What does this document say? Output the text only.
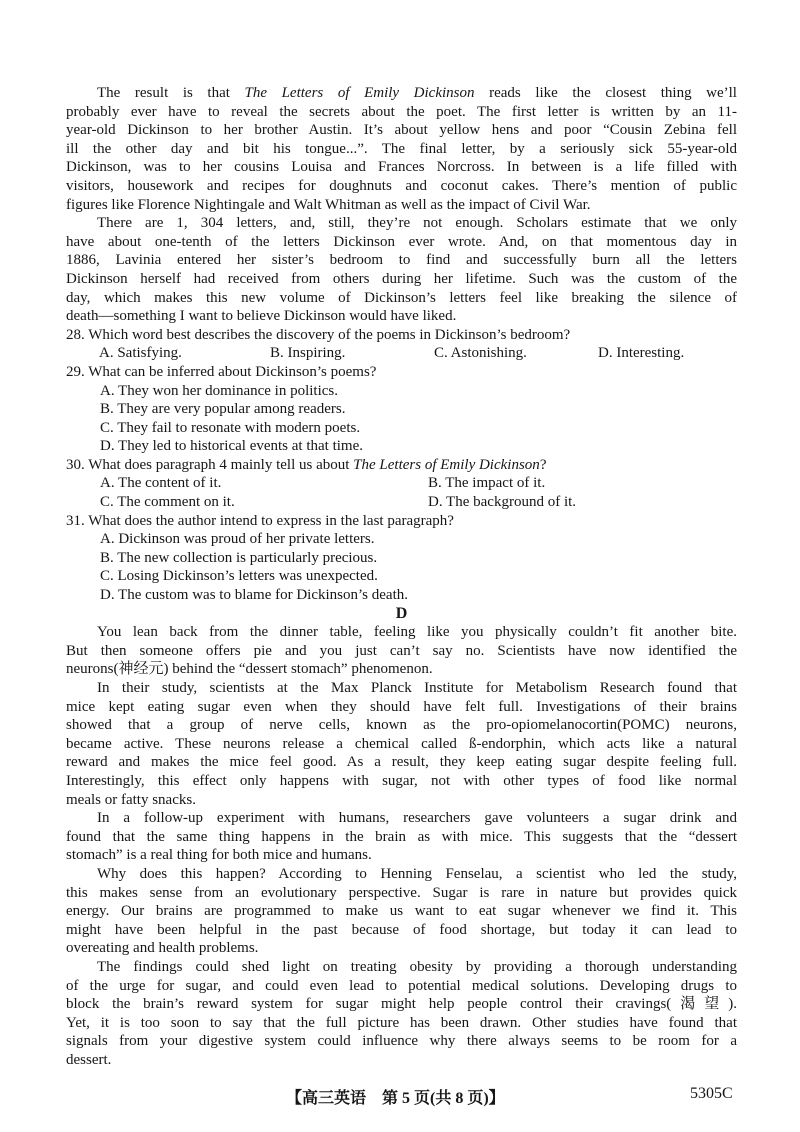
The result is that The Letters of Emily Dickinson reads like the closest thing we’ll
probably ever have to reveal the secrets about the poet. The first letter is written by an 11-
year-old Dickinson to her brother Austin. It’s about yellow hens and poor “Cousin Zebina fell
ill the other day and bit his tongue...”. The final letter, by a seriously sick 55-year-old
Dickinson, was to her cousins Louisa and Frances Norcross. In between is a life filled with
visitors, housework and recipes for doughnuts and coconut cakes. There’s mention of public
figures like Florence Nightingale and Walt Whitman as well as the impact of Civil War.
There are 1, 304 letters, and, still, they’re not enough. Scholars estimate that we only
have about one-tenth of the letters Dickinson ever wrote. And, on that momentous day in
1886, Lavinia entered her sister’s bedroom to find and successfully burn all the letters
Dickinson herself had received from others during her lifetime. Such was the custom of the
day, which makes this new volume of Dickinson’s letters feel like breaking the silence of
death—something I want to believe Dickinson would have liked.
28. Which word best describes the discovery of the poems in Dickinson’s bedroom?
A. Satisfying.	B. Inspiring.	C. Astonishing.	D. Interesting.
29. What can be inferred about Dickinson’s poems?
A. They won her dominance in politics.
B. They are very popular among readers.
C. They fail to resonate with modern poets.
D. They led to historical events at that time.
30. What does paragraph 4 mainly tell us about The Letters of Emily Dickinson?
A. The content of it.	B. The impact of it.
C. The comment on it.	D. The background of it.
31. What does the author intend to express in the last paragraph?
A. Dickinson was proud of her private letters.
B. The new collection is particularly precious.
C. Losing Dickinson’s letters was unexpected.
D. The custom was to blame for Dickinson’s death.
D
You lean back from the dinner table, feeling like you physically couldn’t fit another bite.
But then someone offers pie and you just can’t say no. Scientists have now identified the
neurons(神经元) behind the “dessert stomach” phenomenon.
In their study, scientists at the Max Planck Institute for Metabolism Research found that
mice kept eating sugar even when they should have felt full. Investigations of their brains
showed that a group of nerve cells, known as the pro-opiomelanocortin(POMC) neurons,
became active. These neurons release a chemical called ß-endorphin, which acts like a natural
reward and makes the mice feel good. As a result, they keep eating sugar despite feeling full.
Interestingly, this effect only happens with sugar, not with other types of food like normal
meals or fatty snacks.
In a follow-up experiment with humans, researchers gave volunteers a sugar drink and
found that the same thing happens in the brain as with mice. This suggests that the “dessert
stomach” is a real thing for both mice and humans.
Why does this happen? According to Henning Fenselau, a scientist who led the study,
this makes sense from an evolutionary perspective. Sugar is rare in nature but provides quick
energy. Our brains are programmed to make us want to eat sugar whenever we find it. This
might have been helpful in the past because of food shortage, but today it can lead to
overeating and health problems.
The findings could shed light on treating obesity by providing a thorough understanding
of the urge for sugar, and could even lead to potential medical solutions. Developing drugs to
block the brain’s reward system for sugar might help people control their cravings(渴望).
Yet, it is too soon to say that the full picture has been drawn. Other studies have found that
signals from your digestive system could influence why there always seems to be room for a
dessert.
【高三英语　第 5 页(共 8 页)】	5305C
